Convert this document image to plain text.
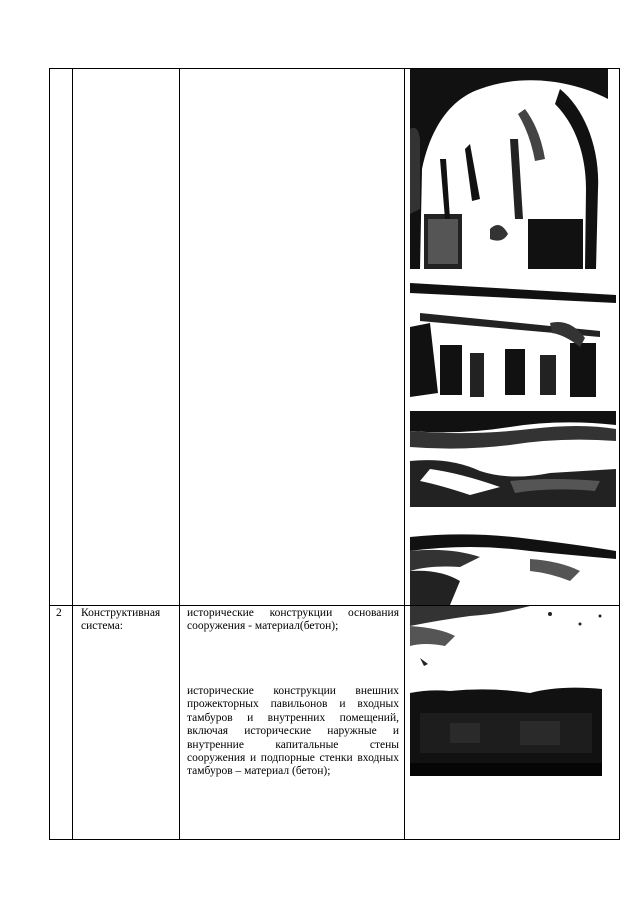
2 Конструктивная система:

исторические конструкции основания сооружения - материал(бетон);

исторические конструкции внешних прожекторных павильонов и входных тамбуров и внутренних помещений, включая исторические наружные и внутренние капитальные стены сооружения и подпорные стенки входных тамбуров – материал (бетон);
